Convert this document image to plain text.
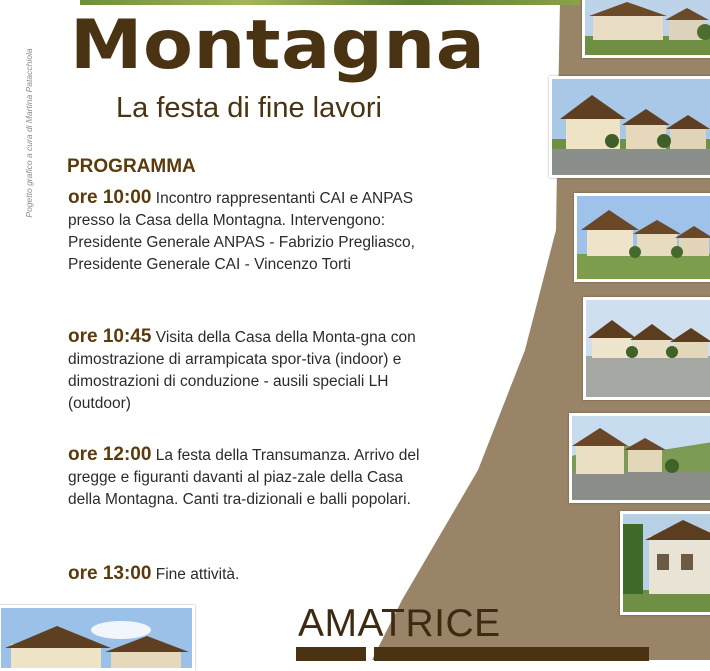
Pogetto grafico a cura di Martina Patacchiola
Montagna
La festa di fine lavori
PROGRAMMA
ore 10:00 Incontro rappresentanti CAI e ANPAS presso la Casa della Montagna. Intervengono: Presidente Generale ANPAS - Fabrizio Pregliasco, Presidente Generale CAI - Vincenzo Torti
ore 10:45 Visita della Casa della Monta-gna con dimostrazione di arrampicata spor-tiva (indoor) e dimostrazioni di conduzione - ausili speciali LH (outdoor)
ore 12:00 La festa della Transumanza. Arrivo del gregge e figuranti davanti al piaz-zale della Casa della Montagna. Canti tra-dizionali e balli popolari.
ore 13:00 Fine attività.
AMATRICE
